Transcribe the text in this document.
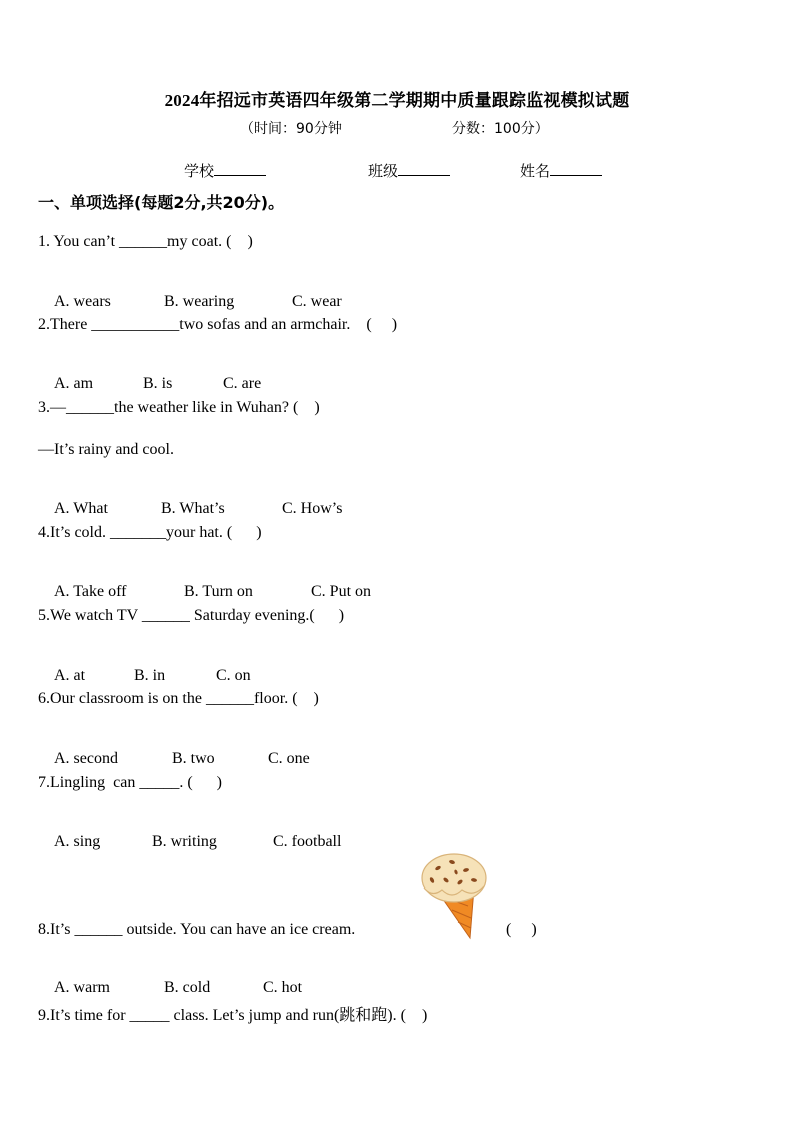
2024年招远市英语四年级第二学期期中质量跟踪监视模拟试题
（时间：90分钟	分数：100分）
学校	班级	姓名
一、单项选择(每题2分,共20分)。
1. You can’t ______my coat. (    )

A. wears	B. wearing	C. wear

2.There ___________two sofas and an armchair.    (     )

A. am	B. is	C. are

3.—______the weather like in Wuhan? (    )
—It’s rainy and cool.

A. What	B. What’s	C. How’s

4.It’s cold. _______your hat. (      )

A. Take off	B. Turn on	C. Put on

5.We watch TV ______ Saturday evening.(      )

A. at	B. in	C. on

6.Our classroom is on the ______floor. (    )

A. second	B. two	C. one

7.Lingling  can _____. (      )

A. sing	B. writing	C. football

8.It’s ______ outside. You can have an ice cream.	(     )

A. warm	B. cold	C. hot

9.It’s time for _____ class. Let’s jump and run(跳和跑). (    )
